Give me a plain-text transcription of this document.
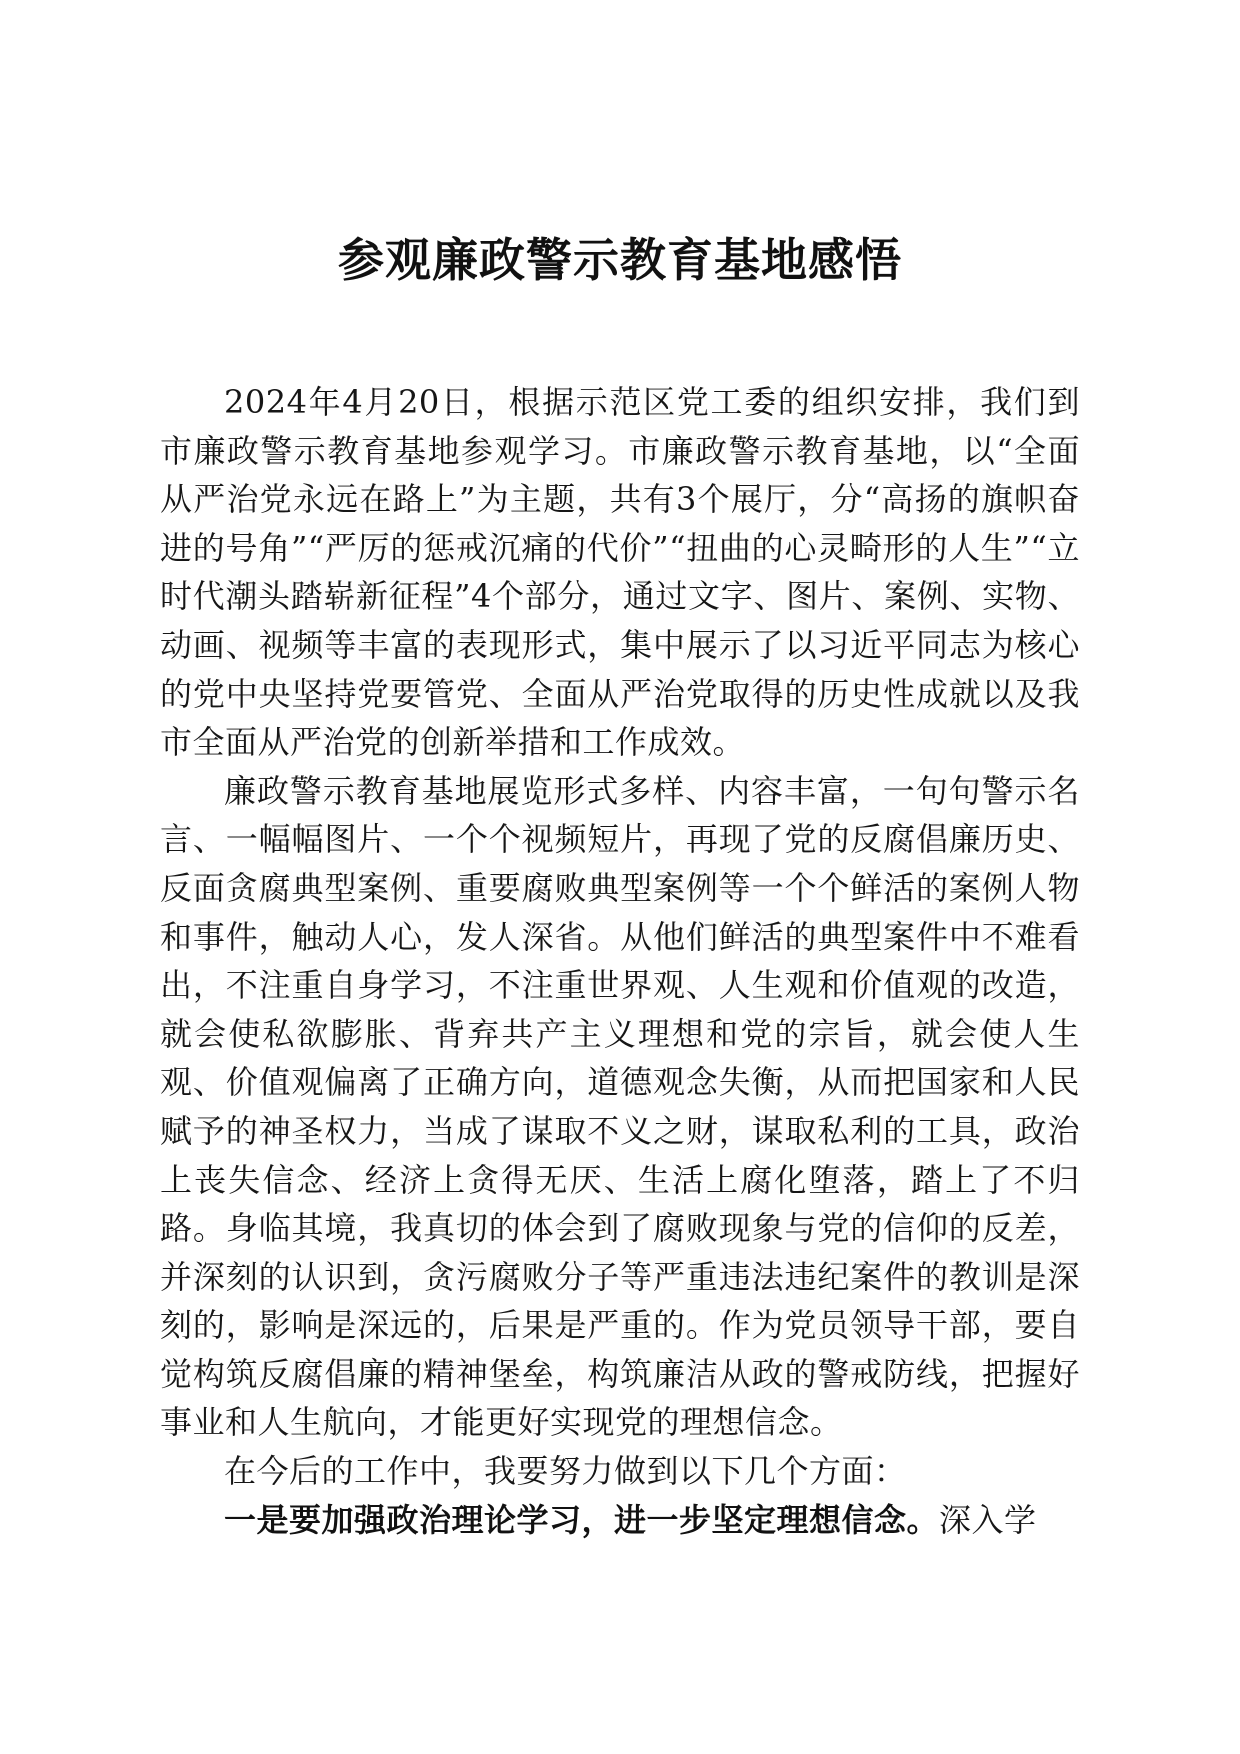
参观廉政警示教育基地感悟

2024年4月20日，根据示范区党工委的组织安排，我们到市廉政警示教育基地参观学习。市廉政警示教育基地，以“全面从严治党永远在路上”为主题，共有3个展厅，分“高扬的旗帜奋进的号角”“严厉的惩戒沉痛的代价”“扭曲的心灵畸形的人生”“立时代潮头踏崭新征程”4个部分，通过文字、图片、案例、实物、动画、视频等丰富的表现形式，集中展示了以习近平同志为核心的党中央坚持党要管党、全面从严治党取得的历史性成就以及我市全面从严治党的创新举措和工作成效。

廉政警示教育基地展览形式多样、内容丰富，一句句警示名言、一幅幅图片、一个个视频短片，再现了党的反腐倡廉历史、反面贪腐典型案例、重要腐败典型案例等一个个鲜活的案例人物和事件，触动人心，发人深省。从他们鲜活的典型案件中不难看出，不注重自身学习，不注重世界观、人生观和价值观的改造，就会使私欲膨胀、背弃共产主义理想和党的宗旨，就会使人生观、价值观偏离了正确方向，道德观念失衡，从而把国家和人民赋予的神圣权力，当成了谋取不义之财，谋取私利的工具，政治上丧失信念、经济上贪得无厌、生活上腐化堕落，踏上了不归路。身临其境，我真切的体会到了腐败现象与党的信仰的反差，并深刻的认识到，贪污腐败分子等严重违法违纪案件的教训是深刻的，影响是深远的，后果是严重的。作为党员领导干部，要自觉构筑反腐倡廉的精神堡垒，构筑廉洁从政的警戒防线，把握好事业和人生航向，才能更好实现党的理想信念。

在今后的工作中，我要努力做到以下几个方面：

一是要加强政治理论学习，进一步坚定理想信念。深入学
